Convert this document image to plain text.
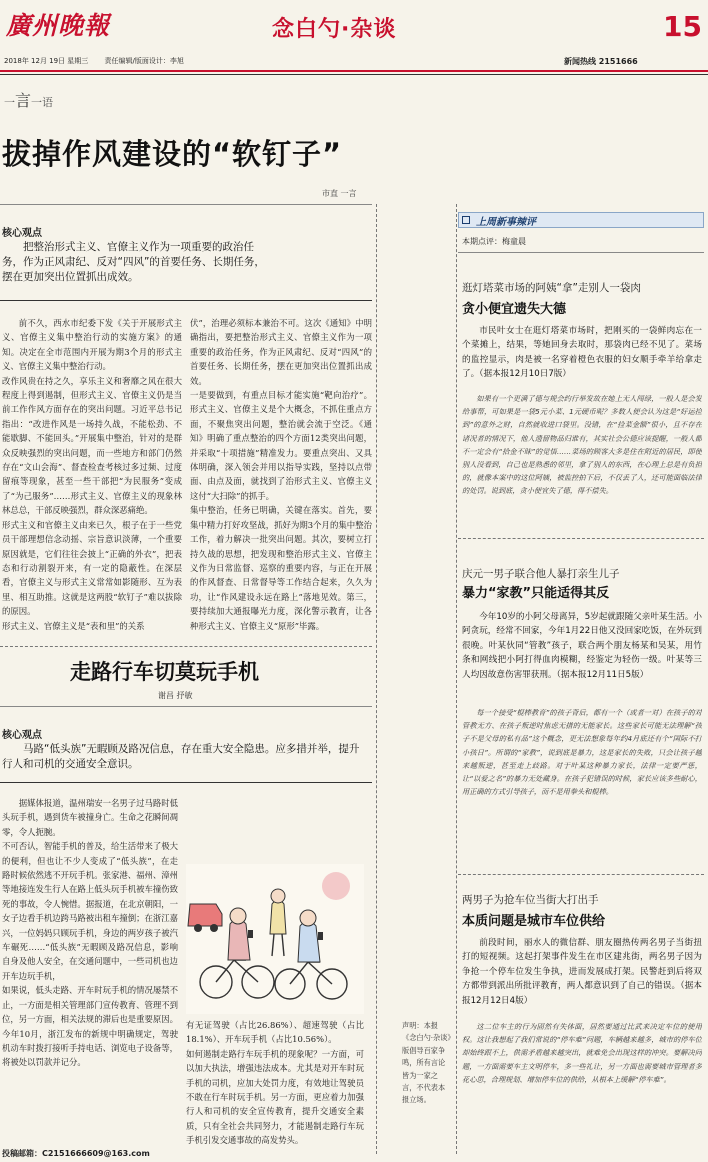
廣州晚報	念白勺·杂谈	15
2018年 12月 19日 星期三 责任编辑/版面设计：李旭	新闻热线 2151666
一言一语
拔掉作风建设的“软钉子”
市直 一言
核心观点
把整治形式主义、官僚主义作为一项重要的政治任务，作为正风肃纪、反对“四风”的首要任务、长期任务，摆在更加突出位置抓出成效。
前不久，西水市纪委下发《关于开展形式主义、官僚主义集中整治行动的实施方案》的通知。决定在全市范围内开展为期3个月的形式主义、官僚主义集中整治行动。
改作风贵在持之久，享乐主义和奢靡之风在很大程度上得到遏制，但形式主义、官僚主义仍是当前工作作风方面存在的突出问题。习近平总书记指出：“改进作风是一场持久战，不能松劲、不能歇脚、不能回头。”开展集中整治，针对的是群众反映强烈的突出问题，而一些地方和部门仍然存在“文山会海”、督查检查考核过多过频、过度留痕等现象，甚至一些干部把“为民服务”变成了“为己服务”……形式主义、官僚主义的现象林林总总，干部反映强烈，群众深恶痛绝。
形式主义和官僚主义由来已久，根子在于一些党员干部理想信念动摇、宗旨意识淡薄，一个重要原因就是，它们往往会披上“正确的外衣”，把表态和行动割裂开来，有一定的隐蔽性。在深层看，官僚主义与形式主义常常如影随形、互为表里、相互助推。这就是这两股“软钉子”难以拔除的原因。
形式主义、官僚主义是“表和里”的关系
伏”，治理必须标本兼治不可。这次《通知》中明确指出，要把整治形式主义、官僚主义作为一项重要的政治任务，作为正风肃纪、反对“四风”的首要任务、长期任务，摆在更加突出位置抓出成效。
一是要做到，有重点目标才能实施“靶向治疗”。形式主义、官僚主义是个大概念，不抓住重点方面，不聚焦突出问题，整治就会流于空泛。《通知》明确了重点整治的四个方面12类突出问题，并采取“十项措施”精准发力。要重点突出、又具体明确，深入领会并用以指导实践，坚持以点带面、由点及面，就找到了治形式主义、官僚主义这付“大扫除”的抓手。
集中整治，任务已明确，关键在落实。首先，要集中精力打好攻坚战，抓好为期3个月的集中整治工作，着力解决一批突出问题。其次，要树立打持久战的思想，把发现和整治形式主义、官僚主义作为日常监督、巡察的重要内容，与正在开展的作风督查、日常督导等工作结合起来，久久为功，让“作风建设永远在路上”落地见效。第三，要持续加大通报曝光力度，深化警示教育，让各种形式主义、官僚主义“原形”毕露。
走路行车切莫玩手机
谢昌 抒敏
核心观点
马路“低头族”无暇顾及路况信息，存在重大安全隐患。应多措并举，提升行人和司机的交通安全意识。
据媒体报道，温州瑞安一名男子过马路时低头玩手机，遇到货车被撞身亡。生命之花瞬间凋零，令人扼腕。
不可否认，智能手机的普及，给生活带来了极大的便利，但也让不少人变成了“低头族”，在走路时候依然逃不开玩手机。张家港、福州、漳州等地接连发生行人在路上低头玩手机被车撞伤致死的事故，令人惋惜。据报道，在北京朝阳，一女子边看手机边跨马路被出租车撞倒；在浙江嘉兴，一位妈妈只顾玩手机，身边的两岁孩子被汽车碾死……“低头族”无暇顾及路况信息，影响自身及他人安全，在交通问题中，一些司机也边开车边玩手机，
如果说，低头走路、开车时玩手机的情况屡禁不止，一方面是相关管理部门宣传教育、管理不到位，另一方面，相关法规的滞后也是重要原因。今年10月，浙江发布的新规中明确规定，驾驶机动车时拨打接听手持电话、浏览电子设备等，将被处以罚款并记分。
有无证驾驶（占比26.86%）、超速驾驶（占比18.1%）、开车玩手机（占比10.56%）。
如何遏制走路行车玩手机的现象呢？一方面，可以加大执法，增强违法成本。尤其是对开车时玩手机的司机，应加大处罚力度，有效地让驾驶员不敢在行车时玩手机。另一方面，更应着力加强行人和司机的安全宣传教育，提升交通安全素质，只有全社会共同努力，才能遏制走路行车玩手机引发交通事故的高发势头。
投稿邮箱：C2151666609@163.com
声明：本报《念白勺·杂谈》版倡导百家争鸣，所有言论皆为一家之言，不代表本报立场。
上周新事辣评
本期点评：梅童晨
逛灯塔菜市场的阿姨“拿”走别人一袋肉
贪小便宜遗失大德
市民叶女士在逛灯塔菜市场时，把刚买的一袋鲜肉忘在一个菜摊上，结果，等她回身去取时，那袋肉已经不见了。菜场的监控显示，肉是被一名穿着橙色衣服的妇女顺手牵羊给拿走了。（据本报12月10日7版）
如果有一个更满了德与规会约行举发故在她上无人闯绿，一般人是会发给事帮，可如果是一袋5元小菜、1元硬币呢？多数人便会认为这是“好运捡到”的意外之财，自然就收进口袋里。没错，在“捡菜金额”很小，且不存在诸况者的情况下，他人遗留物品归谁有，其实社会公德应该提醒，一般人都不一定会有“拾金不昧”的觉悟……菜场的顾客大多是住在附近的居民，即便别人没看到，自己也是熟悉的邻里，拿了别人的东西，在心理上总是有负担的，就像本案中的这位阿姨，被监控拍下后，不仅丢了人，还可能面临法律的处罚。说到底，贪小便宜失了德，得不偿失。
庆元一男子联合他人暴打亲生儿子
暴力“家教”只能适得其反
今年10岁的小阿父母离异，5岁起就跟随父亲叶某生活。小阿贪玩，经常不回家，今年1月22日他又没回家吃饭，在外玩到很晚。叶某伙同“管教”孩子，联合两个朋友杨某和吴某，用竹条和网线把小阿打得血肉模糊，经鉴定为轻伤一级。叶某等三人均因故意伤害罪获刑。（据本报12月11日5版）
每一个接受“棍棒教育”的孩子背后，都有一个（或者一对）在孩子的对管教无方、在孩子叛逆时焦虑无措的无能家长。这些家长可能无法理解“孩子不是父母的私有品”这个概念，更无法想象每年约4月底还有个“国际不打小孩日”。所谓的“家教”，说到底是暴力，这是家长的失败，只会让孩子越来越叛逆，甚至走上歧路。对于叶某这种暴力家长，法律一定要严惩，让“以爱之名”的暴力无处藏身。在孩子犯错误的时候，家长应该多些耐心，用正确的方式引导孩子，而不是用拳头和棍棒。
两男子为抢车位当街大打出手
本质问题是城市车位供给
前段时间，丽水人的微信群、朋友圈热传两名男子当街扭打的短视频。这起打架事件发生在市区建兆街，两名男子因为争抢一个停车位发生争执，进而发展成打架。民警赶到后将双方都带到派出所批评教育，两人都意识到了自己的错误。（据本报12月12日4版）
这二位车主的行为固然有失体面，居然要通过比武来决定车位的使用权。这让我想起了我们常说的“停车难”问题，车辆越来越多，城市的停车位却始终跟不上，供需矛盾越来越突出，就难免会出现这样的冲突。要解决问题，一方面需要车主文明停车，多一些礼让，另一方面也需要城市管理者多花心思，合理规划、增加停车位的供给，从根本上缓解“停车难”。
